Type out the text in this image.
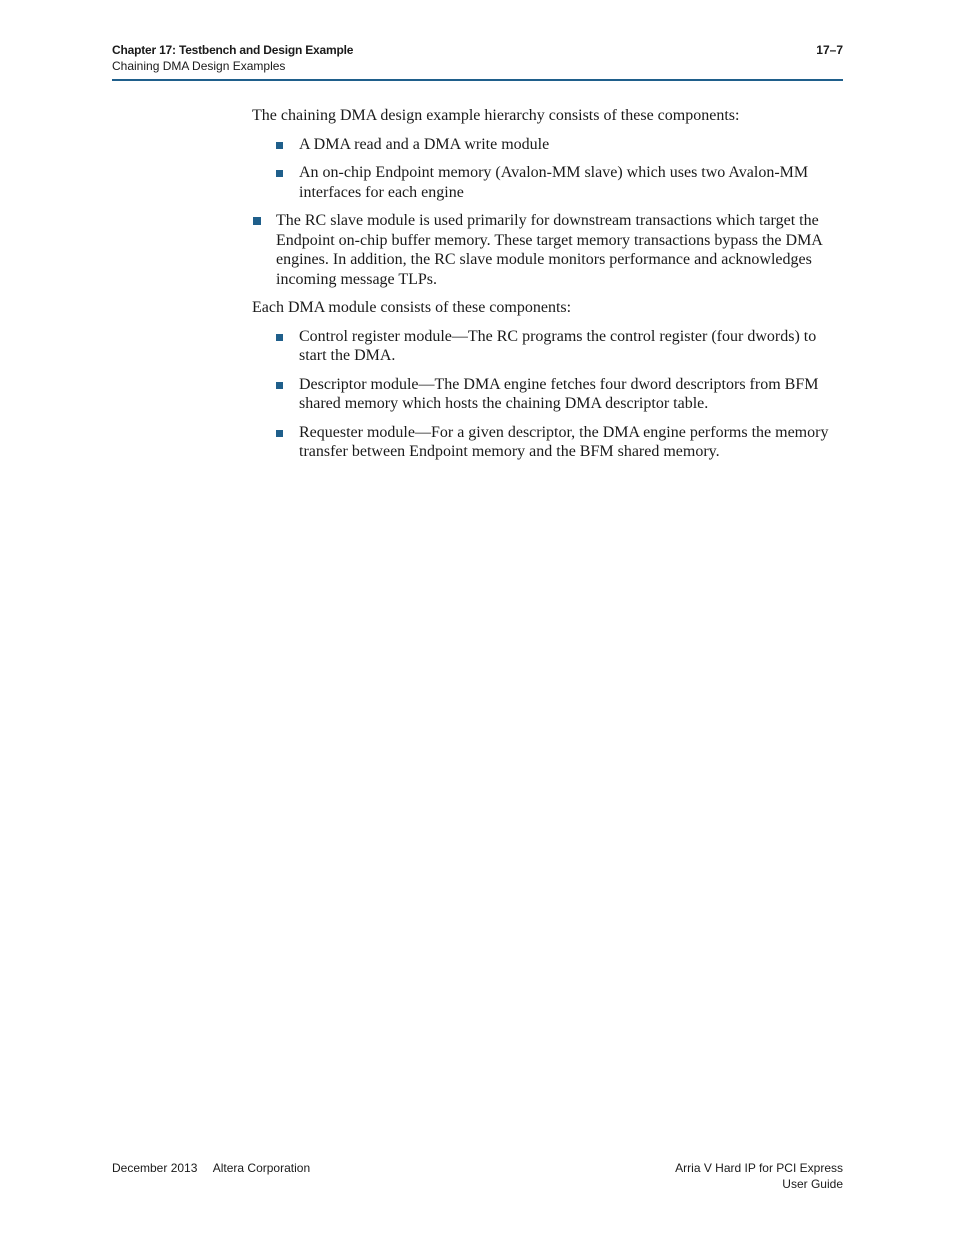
Chapter 17: Testbench and Design Example
Chaining DMA Design Examples
17–7

The chaining DMA design example hierarchy consists of these components:

A DMA read and a DMA write module
An on-chip Endpoint memory (Avalon-MM slave) which uses two Avalon-MM interfaces for each engine
The RC slave module is used primarily for downstream transactions which target the Endpoint on-chip buffer memory. These target memory transactions bypass the DMA engines. In addition, the RC slave module monitors performance and acknowledges incoming message TLPs.

Each DMA module consists of these components:

Control register module—The RC programs the control register (four dwords) to start the DMA.
Descriptor module—The DMA engine fetches four dword descriptors from BFM shared memory which hosts the chaining DMA descriptor table.
Requester module—For a given descriptor, the DMA engine performs the memory transfer between Endpoint memory and the BFM shared memory.
December 2013 Altera Corporation	Arria V Hard IP for PCI Express
User Guide
